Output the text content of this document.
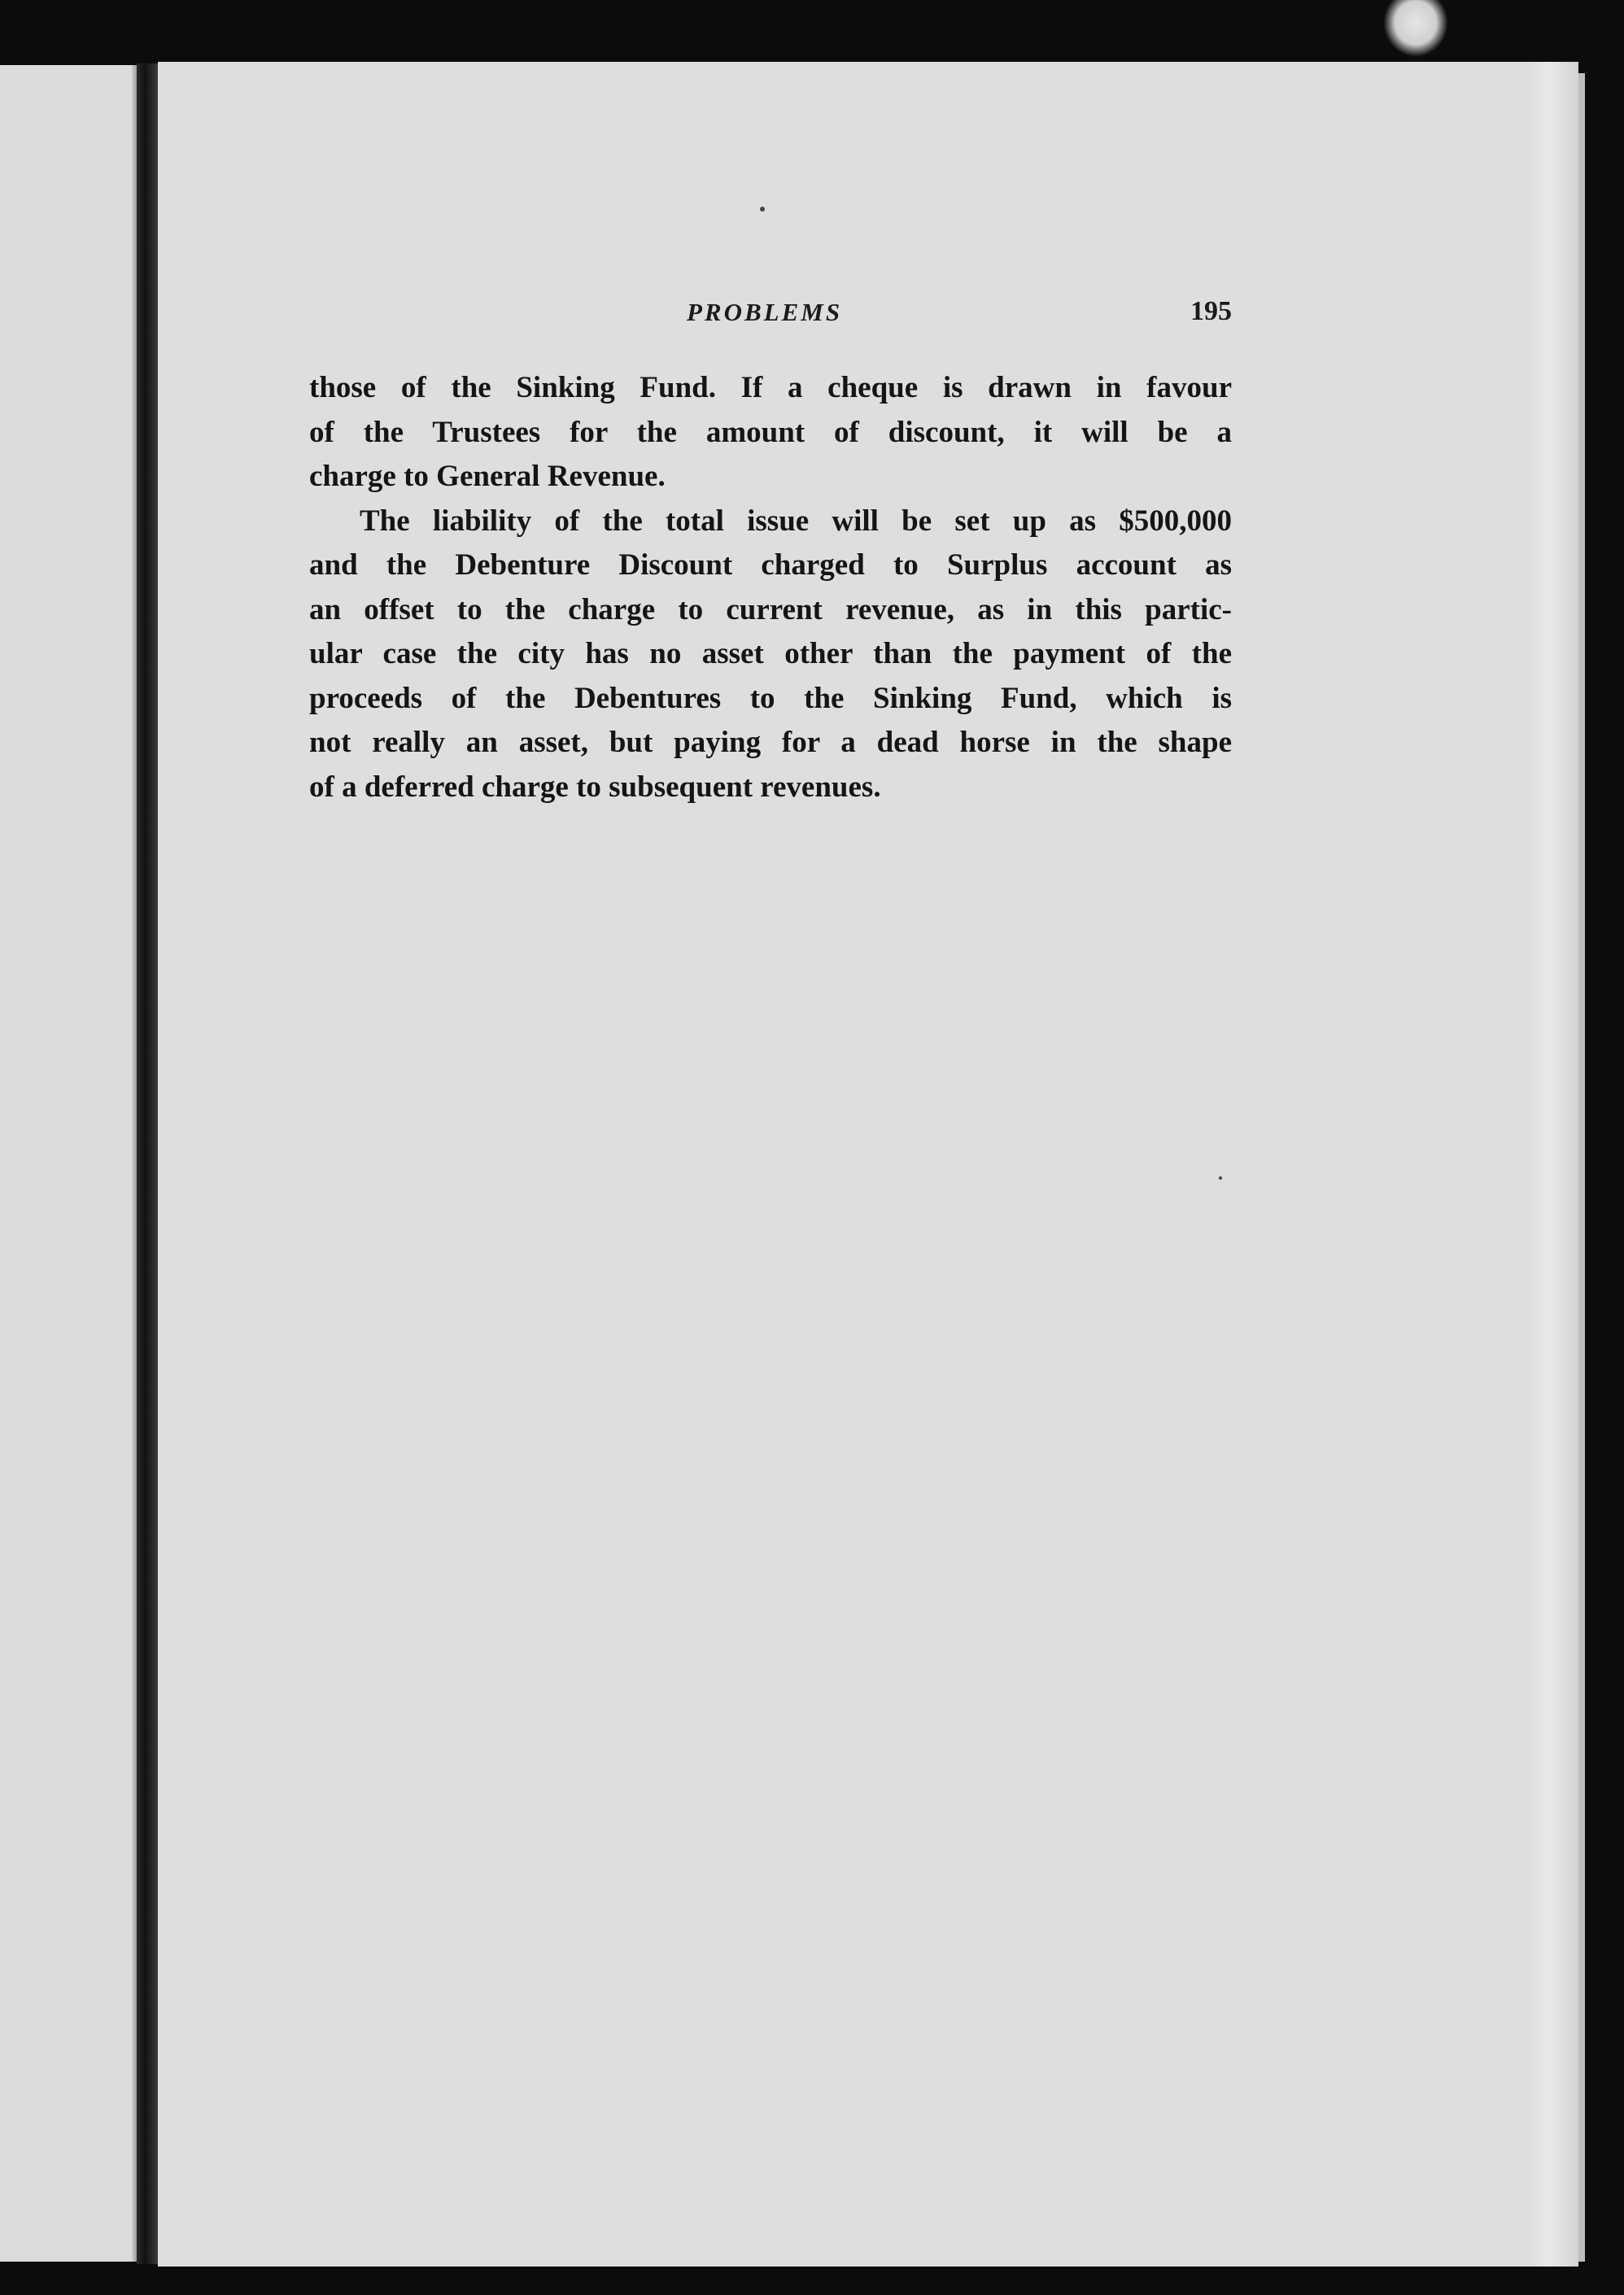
PROBLEMS	195
those of the Sinking Fund. If a cheque is drawn in favour
of the Trustees for the amount of discount, it will be a
charge to General Revenue.
The liability of the total issue will be set up as $500,000
and the Debenture Discount charged to Surplus account as
an offset to the charge to current revenue, as in this partic-
ular case the city has no asset other than the payment of the
proceeds of the Debentures to the Sinking Fund, which is
not really an asset, but paying for a dead horse in the shape
of a deferred charge to subsequent revenues.
